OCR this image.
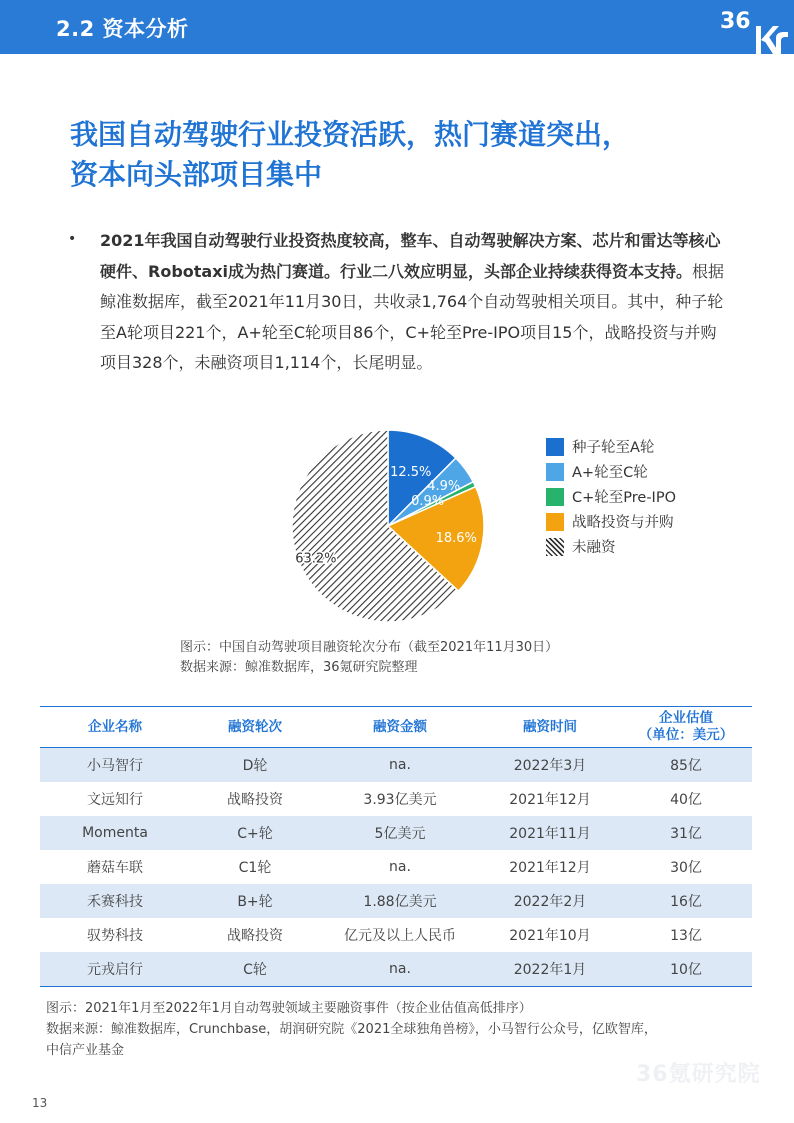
2.2 资本分析	36
我国自动驾驶行业投资活跃，热门赛道突出，
资本向头部项目集中
• 2021年我国自动驾驶行业投资热度较高，整车、自动驾驶解决方案、芯片和雷达等核心硬件、Robotaxi成为热门赛道。行业二八效应明显，头部企业持续获得资本支持。根据鲸准数据库，截至2021年11月30日，共收录1,764个自动驾驶相关项目。其中，种子轮至A轮项目221个，A+轮至C轮项目86个，C+轮至Pre-IPO项目15个，战略投资与并购项目328个，未融资项目1,114个，长尾明显。

12.5%
4.9%
0.9%
18.6%
63.2%
种子轮至A轮
A+轮至C轮
C+轮至Pre-IPO
战略投资与并购
未融资
图示：中国自动驾驶项目融资轮次分布（截至2021年11月30日）
数据来源：鲸准数据库，36氪研究院整理
企业名称	融资轮次	融资金额	融资时间	企业估值
（单位：美元）
小马智行	D轮	na.	2022年3月	85亿
文远知行	战略投资	3.93亿美元	2021年12月	40亿
Momenta	C+轮	5亿美元	2021年11月	31亿
蘑菇车联	C1轮	na.	2021年12月	30亿
禾赛科技	B+轮	1.88亿美元	2022年2月	16亿
驭势科技	战略投资	亿元及以上人民币	2021年10月	13亿
元戎启行	C轮	na.	2022年1月	10亿
图示：2021年1月至2022年1月自动驾驶领域主要融资事件（按企业估值高低排序）
数据来源：鲸准数据库，Crunchbase，胡润研究院《2021全球独角兽榜》，小马智行公众号，亿欧智库，
中信产业基金
36氪研究院
13
